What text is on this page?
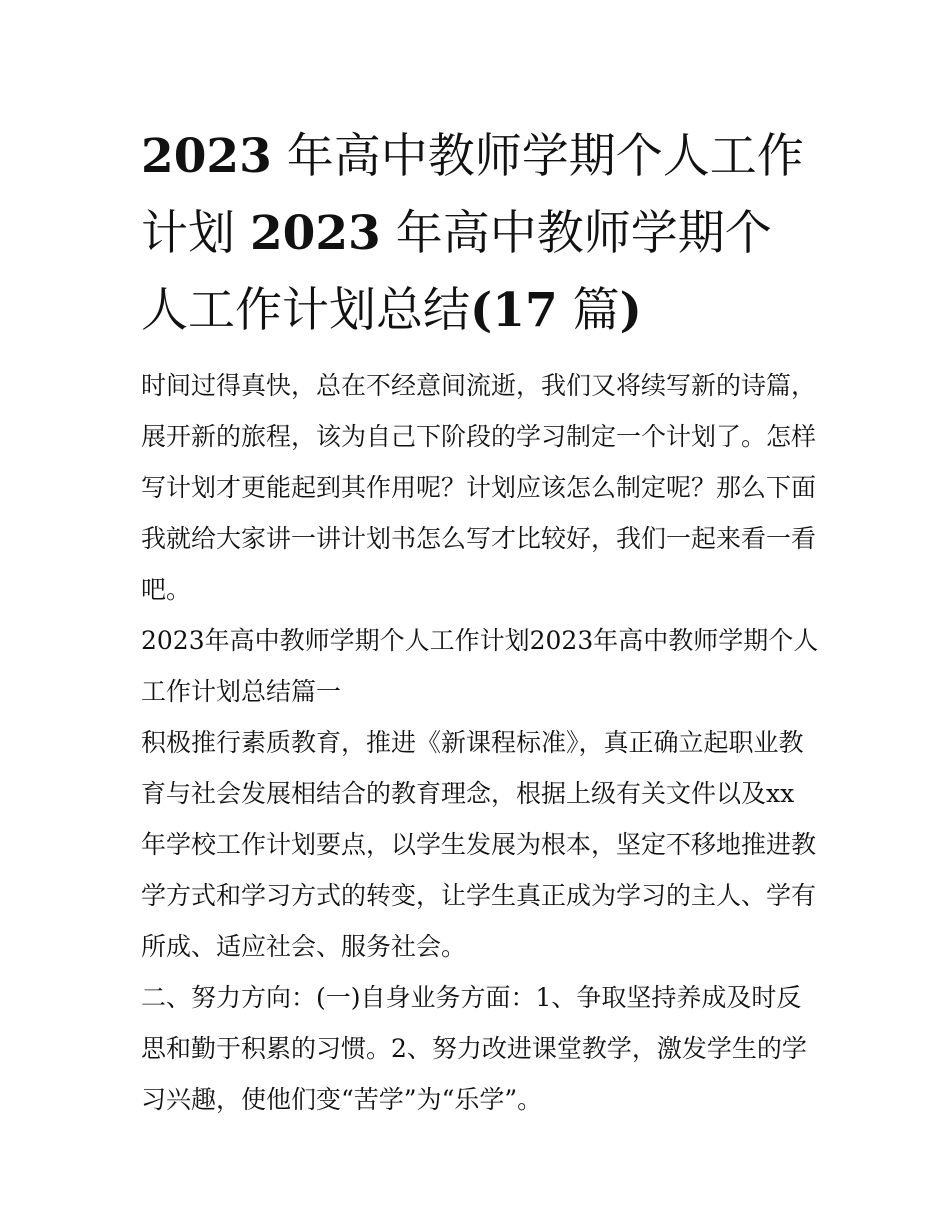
2023 年高中教师学期个人工作
计划 2023 年高中教师学期个
人工作计划总结(17 篇)

时间过得真快，总在不经意间流逝，我们又将续写新的诗篇，
展开新的旅程，该为自己下阶段的学习制定一个计划了。怎样
写计划才更能起到其作用呢？计划应该怎么制定呢？那么下面
我就给大家讲一讲计划书怎么写才比较好，我们一起来看一看
吧。

2023年高中教师学期个人工作计划2023年高中教师学期个人
工作计划总结篇一

积极推行素质教育，推进《新课程标准》，真正确立起职业教
育与社会发展相结合的教育理念，根据上级有关文件以及xx
年学校工作计划要点，以学生发展为根本，坚定不移地推进教
学方式和学习方式的转变，让学生真正成为学习的主人、学有
所成、适应社会、服务社会。

二、努力方向：(一)自身业务方面：1、争取坚持养成及时反
思和勤于积累的习惯。2、努力改进课堂教学，激发学生的学
习兴趣，使他们变“苦学”为“乐学”。
